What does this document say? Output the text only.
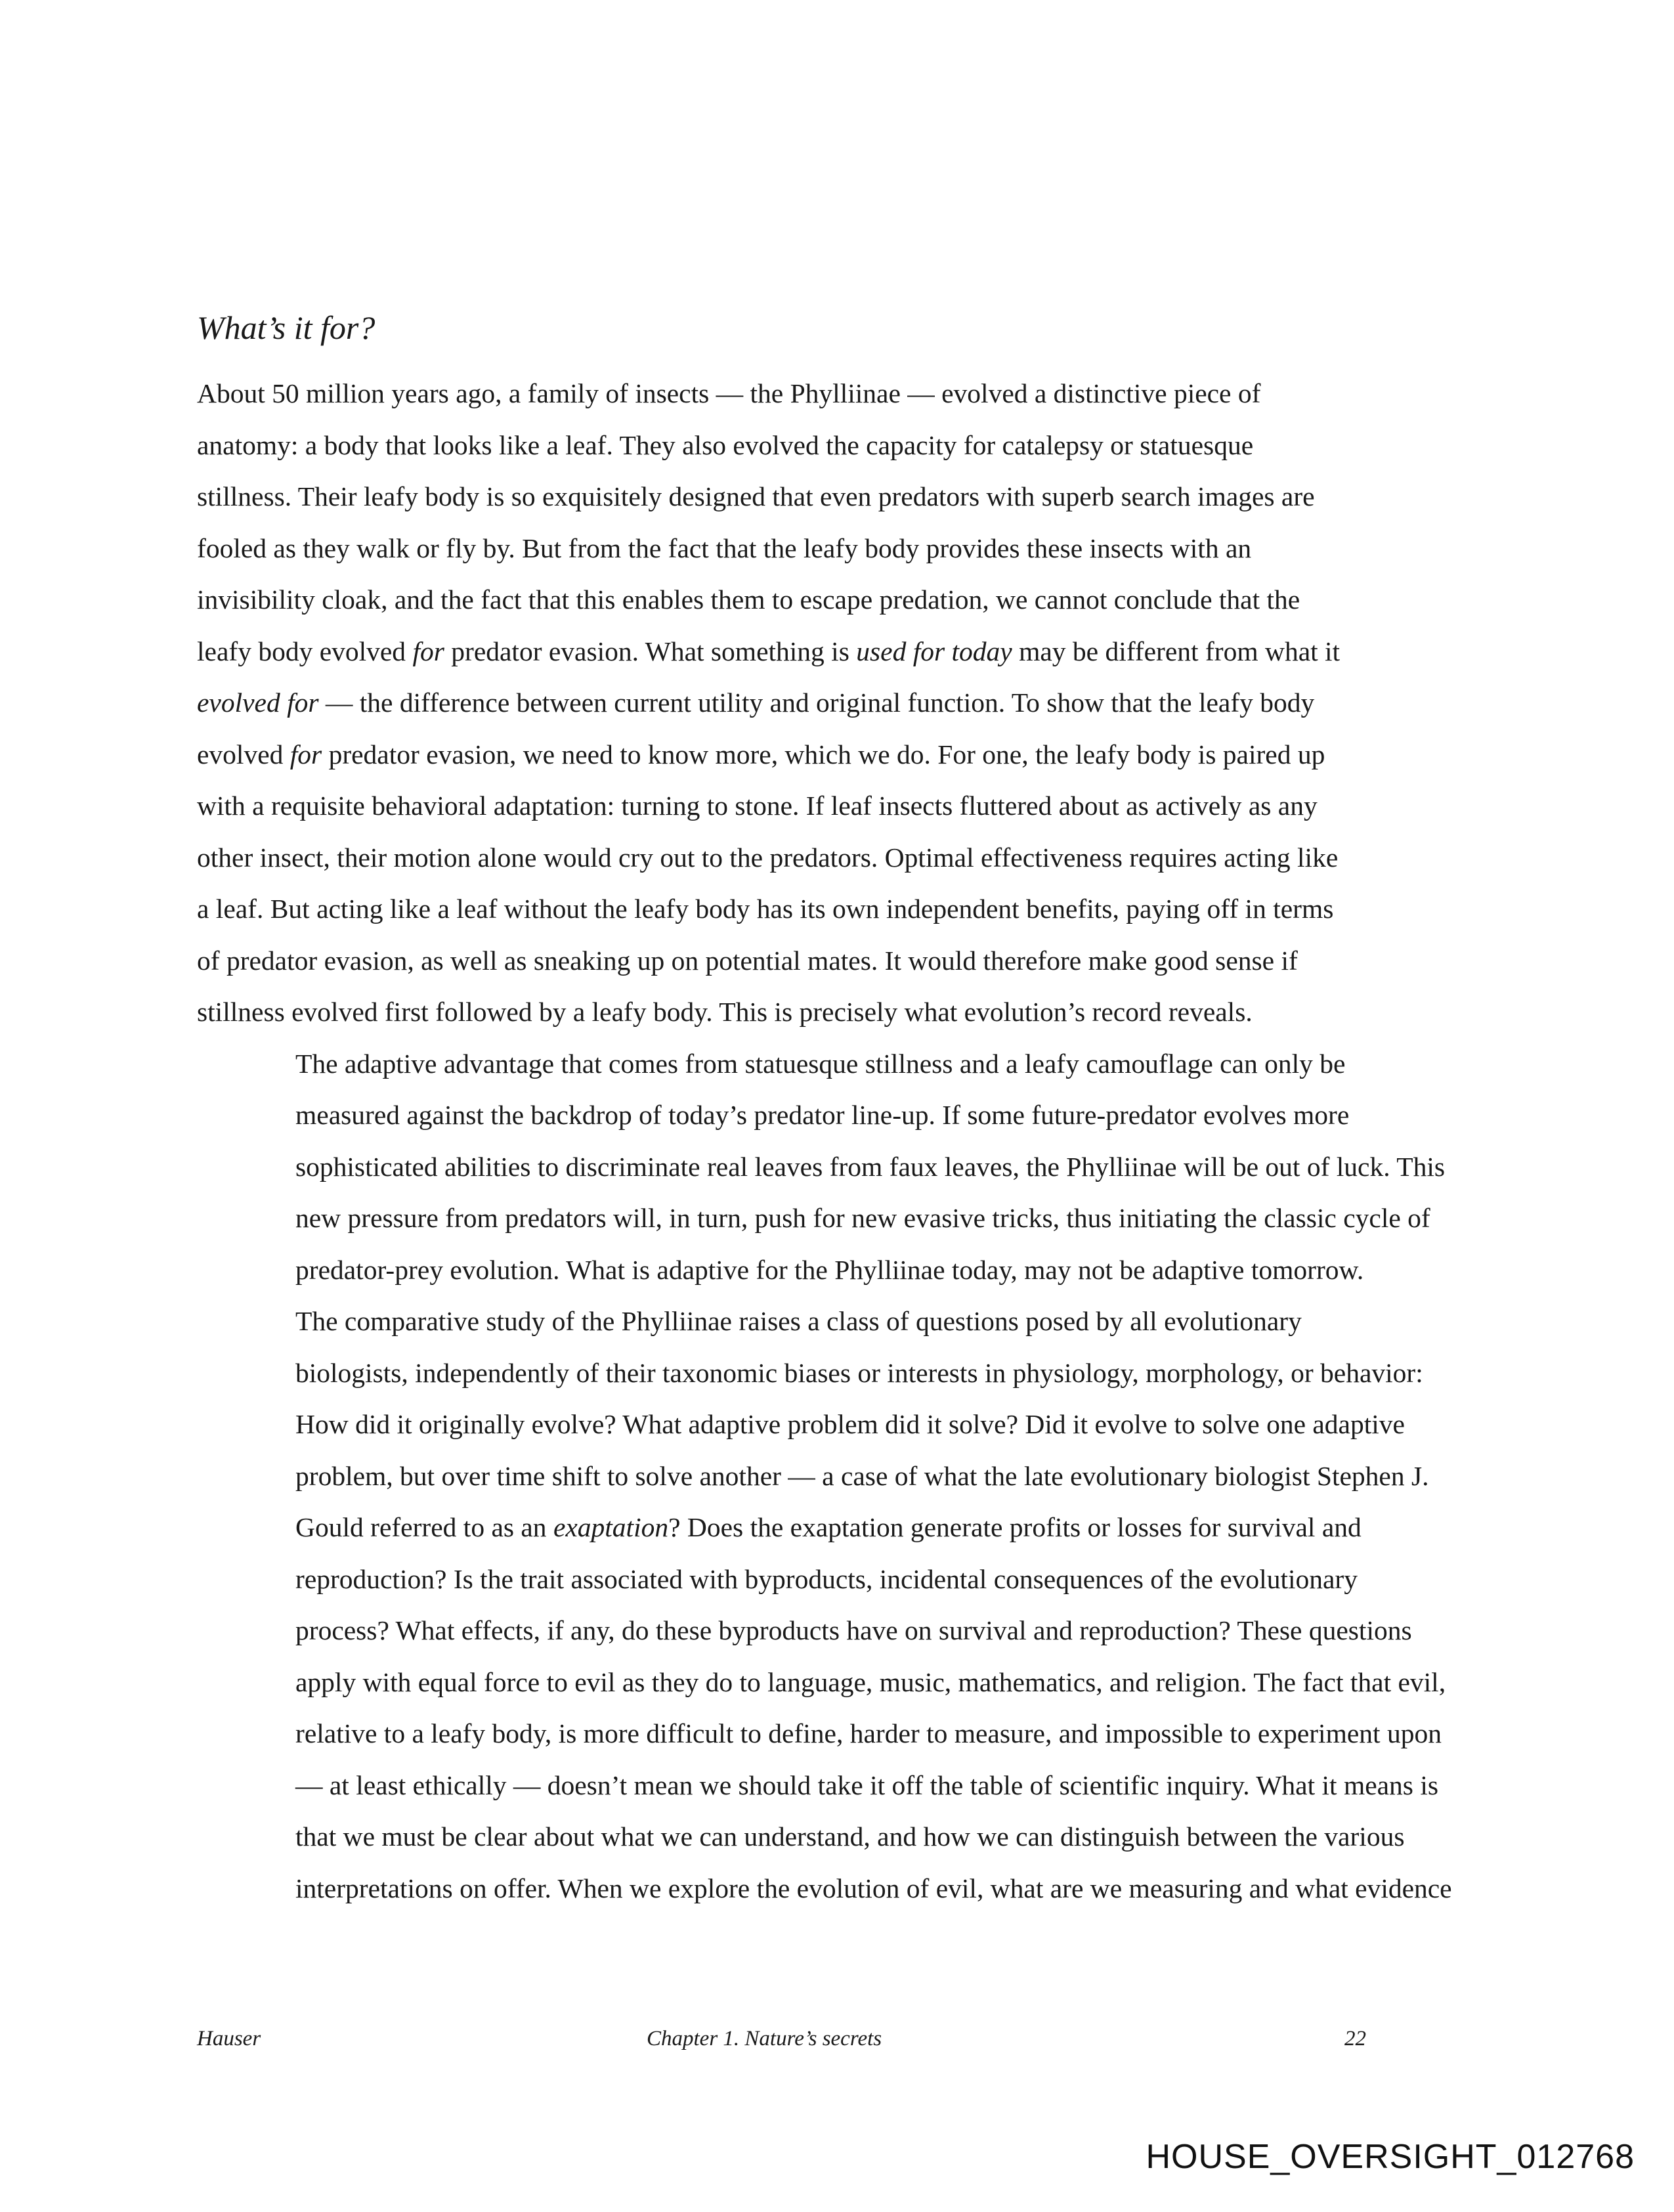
What’s it for?

About 50 million years ago, a family of insects — the Phylliinae — evolved a distinctive piece of
anatomy: a body that looks like a leaf. They also evolved the capacity for catalepsy or statuesque
stillness. Their leafy body is so exquisitely designed that even predators with superb search images are
fooled as they walk or fly by. But from the fact that the leafy body provides these insects with an
invisibility cloak, and the fact that this enables them to escape predation, we cannot conclude that the
leafy body evolved for predator evasion. What something is used for today may be different from what it
evolved for — the difference between current utility and original function. To show that the leafy body
evolved for predator evasion, we need to know more, which we do. For one, the leafy body is paired up
with a requisite behavioral adaptation: turning to stone. If leaf insects fluttered about as actively as any
other insect, their motion alone would cry out to the predators. Optimal effectiveness requires acting like
a leaf. But acting like a leaf without the leafy body has its own independent benefits, paying off in terms
of predator evasion, as well as sneaking up on potential mates. It would therefore make good sense if
stillness evolved first followed by a leafy body. This is precisely what evolution’s record reveals.

The adaptive advantage that comes from statuesque stillness and a leafy camouflage can only be
measured against the backdrop of today’s predator line-up. If some future-predator evolves more
sophisticated abilities to discriminate real leaves from faux leaves, the Phylliinae will be out of luck. This
new pressure from predators will, in turn, push for new evasive tricks, thus initiating the classic cycle of
predator-prey evolution. What is adaptive for the Phylliinae today, may not be adaptive tomorrow.

The comparative study of the Phylliinae raises a class of questions posed by all evolutionary
biologists, independently of their taxonomic biases or interests in physiology, morphology, or behavior:
How did it originally evolve? What adaptive problem did it solve? Did it evolve to solve one adaptive
problem, but over time shift to solve another — a case of what the late evolutionary biologist Stephen J.
Gould referred to as an exaptation? Does the exaptation generate profits or losses for survival and
reproduction? Is the trait associated with byproducts, incidental consequences of the evolutionary
process? What effects, if any, do these byproducts have on survival and reproduction? These questions
apply with equal force to evil as they do to language, music, mathematics, and religion. The fact that evil,
relative to a leafy body, is more difficult to define, harder to measure, and impossible to experiment upon
— at least ethically — doesn’t mean we should take it off the table of scientific inquiry. What it means is
that we must be clear about what we can understand, and how we can distinguish between the various
interpretations on offer. When we explore the evolution of evil, what are we measuring and what evidence

Hauser	Chapter 1. Nature’s secrets	22
HOUSE_OVERSIGHT_012768
